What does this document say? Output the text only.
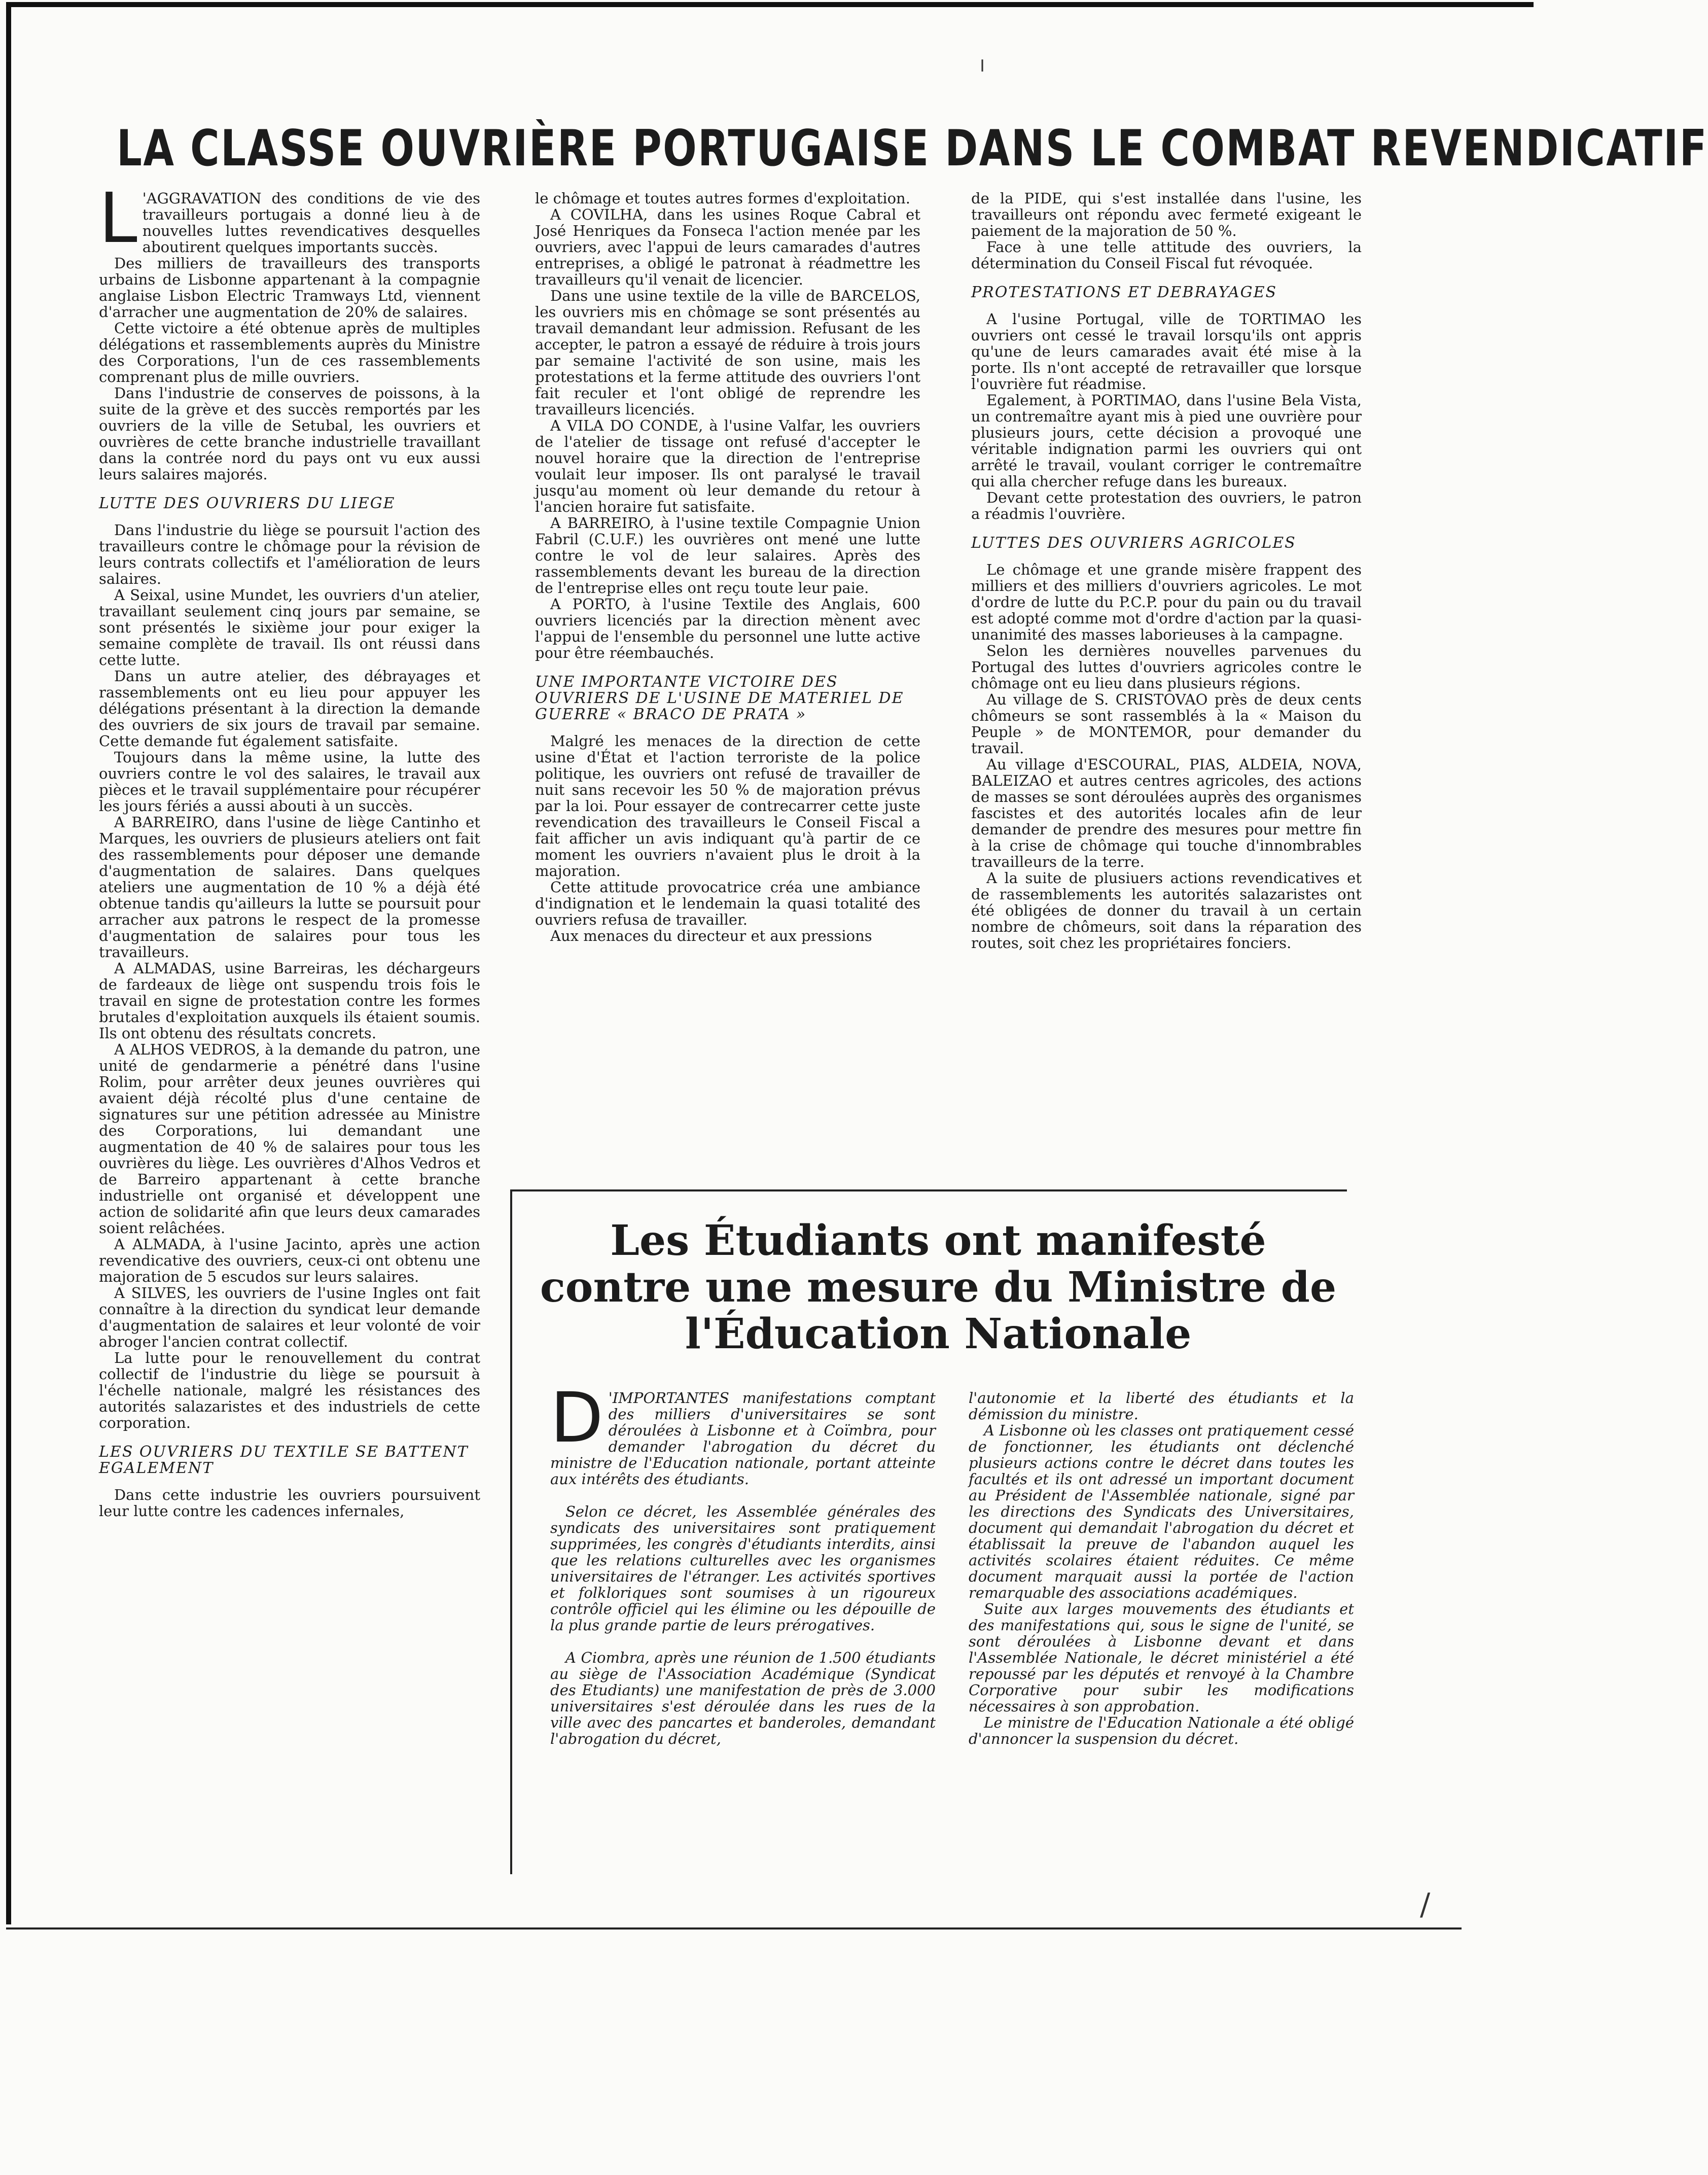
╷
/
LA CLASSE OUVRIÈRE PORTUGAISE DANS LE COMBAT REVENDICATIF

L 'AGGRAVATION des conditions de vie des travailleurs portugais a donné lieu à de nouvelles luttes revendicatives desquelles aboutirent quelques importants succès.

Des milliers de travailleurs des transports urbains de Lisbonne appartenant à la compagnie anglaise Lisbon Electric Tramways Ltd, viennent d'arracher une augmentation de 20% de salaires.

Cette victoire a été obtenue après de multiples délégations et rassemblements auprès du Ministre des Corporations, l'un de ces rassemblements comprenant plus de mille ouvriers.

Dans l'industrie de conserves de poissons, à la suite de la grève et des succès remportés par les ouvriers de la ville de Setubal, les ouvriers et ouvrières de cette branche industrielle travaillant dans la contrée nord du pays ont vu eux aussi leurs salaires majorés.

LUTTE DES OUVRIERS DU LIEGE

Dans l'industrie du liège se poursuit l'action des travailleurs contre le chômage pour la révision de leurs contrats collectifs et l'amélioration de leurs salaires.

A Seixal, usine Mundet, les ouvriers d'un atelier, travaillant seulement cinq jours par semaine, se sont présentés le sixième jour pour exiger la semaine complète de travail. Ils ont réussi dans cette lutte.

Dans un autre atelier, des débrayages et rassemblements ont eu lieu pour appuyer les délégations présentant à la direction la demande des ouvriers de six jours de travail par semaine. Cette demande fut également satisfaite.

Toujours dans la même usine, la lutte des ouvriers contre le vol des salaires, le travail aux pièces et le travail supplémentaire pour récupérer les jours fériés a aussi abouti à un succès.

A BARREIRO, dans l'usine de liège Cantinho et Marques, les ouvriers de plusieurs ateliers ont fait des rassemblements pour déposer une demande d'augmentation de salaires. Dans quelques ateliers une augmentation de 10 % a déjà été obtenue tandis qu'ailleurs la lutte se poursuit pour arracher aux patrons le respect de la promesse d'augmentation de salaires pour tous les travailleurs.

A ALMADAS, usine Barreiras, les déchargeurs de fardeaux de liège ont suspendu trois fois le travail en signe de protestation contre les formes brutales d'exploitation auxquels ils étaient soumis. Ils ont obtenu des résultats concrets.

A ALHOS VEDROS, à la demande du patron, une unité de gendarmerie a pénétré dans l'usine Rolim, pour arrêter deux jeunes ouvrières qui avaient déjà récolté plus d'une centaine de signatures sur une pétition adressée au Ministre des Corporations, lui demandant une augmentation de 40 % de salaires pour tous les ouvrières du liège. Les ouvrières d'Alhos Vedros et de Barreiro appartenant à cette branche industrielle ont organisé et développent une action de solidarité afin que leurs deux camarades soient relâchées.

A ALMADA, à l'usine Jacinto, après une action revendicative des ouvriers, ceux-ci ont obtenu une majoration de 5 escudos sur leurs salaires.

A SILVES, les ouvriers de l'usine Ingles ont fait connaître à la direction du syndicat leur demande d'augmentation de salaires et leur volonté de voir abroger l'ancien contrat collectif.

La lutte pour le renouvellement du contrat collectif de l'industrie du liège se poursuit à l'échelle nationale, malgré les résistances des autorités salazaristes et des industriels de cette corporation.

LES OUVRIERS DU TEXTILE SE BATTENT EGALEMENT

Dans cette industrie les ouvriers poursuivent leur lutte contre les cadences infernales,

le chômage et toutes autres formes d'exploitation.

A COVILHA, dans les usines Roque Cabral et José Henriques da Fonseca l'action menée par les ouvriers, avec l'appui de leurs camarades d'autres entreprises, a obligé le patronat à réadmettre les travailleurs qu'il venait de licencier.

Dans une usine textile de la ville de BARCELOS, les ouvriers mis en chômage se sont présentés au travail demandant leur admission. Refusant de les accepter, le patron a essayé de réduire à trois jours par semaine l'activité de son usine, mais les protestations et la ferme attitude des ouvriers l'ont fait reculer et l'ont obligé de reprendre les travailleurs licenciés.

A VILA DO CONDE, à l'usine Valfar, les ouvriers de l'atelier de tissage ont refusé d'accepter le nouvel horaire que la direction de l'entreprise voulait leur imposer. Ils ont paralysé le travail jusqu'au moment où leur demande du retour à l'ancien horaire fut satisfaite.

A BARREIRO, à l'usine textile Compagnie Union Fabril (C.U.F.) les ouvrières ont mené une lutte contre le vol de leur salaires. Après des rassemblements devant les bureau de la direction de l'entreprise elles ont reçu toute leur paie.

A PORTO, à l'usine Textile des Anglais, 600 ouvriers licenciés par la direction mènent avec l'appui de l'ensemble du personnel une lutte active pour être réembauchés.

UNE IMPORTANTE VICTOIRE DES OUVRIERS DE L'USINE DE MATERIEL DE GUERRE « BRACO DE PRATA »

Malgré les menaces de la direction de cette usine d'État et l'action terroriste de la police politique, les ouvriers ont refusé de travailler de nuit sans recevoir les 50 % de majoration prévus par la loi. Pour essayer de contrecarrer cette juste revendication des travailleurs le Conseil Fiscal a fait afficher un avis indiquant qu'à partir de ce moment les ouvriers n'avaient plus le droit à la majoration.

Cette attitude provocatrice créa une ambiance d'indignation et le lendemain la quasi totalité des ouvriers refusa de travailler.

Aux menaces du directeur et aux pressions

de la PIDE, qui s'est installée dans l'usine, les travailleurs ont répondu avec fermeté exigeant le paiement de la majoration de 50 %.

Face à une telle attitude des ouvriers, la détermination du Conseil Fiscal fut révoquée.

PROTESTATIONS ET DEBRAYAGES

A l'usine Portugal, ville de TORTIMAO les ouvriers ont cessé le travail lorsqu'ils ont appris qu'une de leurs camarades avait été mise à la porte. Ils n'ont accepté de retravailler que lorsque l'ouvrière fut réadmise.

Egalement, à PORTIMAO, dans l'usine Bela Vista, un contremaître ayant mis à pied une ouvrière pour plusieurs jours, cette décision a provoqué une véritable indignation parmi les ouvriers qui ont arrêté le travail, voulant corriger le contremaître qui alla chercher refuge dans les bureaux.

Devant cette protestation des ouvriers, le patron a réadmis l'ouvrière.

LUTTES DES OUVRIERS AGRICOLES

Le chômage et une grande misère frappent des milliers et des milliers d'ouvriers agricoles. Le mot d'ordre de lutte du P.C.P. pour du pain ou du travail est adopté comme mot d'ordre d'action par la quasi-unanimité des masses laborieuses à la campagne.

Selon les dernières nouvelles parvenues du Portugal des luttes d'ouvriers agricoles contre le chômage ont eu lieu dans plusieurs régions.

Au village de S. CRISTOVAO près de deux cents chômeurs se sont rassemblés à la « Maison du Peuple » de MONTEMOR, pour demander du travail.

Au village d'ESCOURAL, PIAS, ALDEIA, NOVA, BALEIZAO et autres centres agricoles, des actions de masses se sont déroulées auprès des organismes fascistes et des autorités locales afin de leur demander de prendre des mesures pour mettre fin à la crise de chômage qui touche d'innombrables travailleurs de la terre.

A la suite de plusiuers actions revendicatives et de rassemblements les autorités salazaristes ont été obligées de donner du travail à un certain nombre de chômeurs, soit dans la réparation des routes, soit chez les propriétaires fonciers.

Les Étudiants ont manifesté contre une mesure du Ministre de l'Éducation Nationale

D 'IMPORTANTES manifestations comptant des milliers d'universitaires se sont déroulées à Lisbonne et à Coïmbra, pour demander l'abrogation du décret du ministre de l'Education nationale, portant atteinte aux intérêts des étudiants.

Selon ce décret, les Assemblée générales des syndicats des universitaires sont pratiquement supprimées, les congrès d'étudiants interdits, ainsi que les relations culturelles avec les organismes universitaires de l'étranger. Les activités sportives et folkloriques sont soumises à un rigoureux contrôle officiel qui les élimine ou les dépouille de la plus grande partie de leurs prérogatives.

A Ciombra, après une réunion de 1.500 étudiants au siège de l'Association Académique (Syndicat des Etudiants) une manifestation de près de 3.000 universitaires s'est déroulée dans les rues de la ville avec des pancartes et banderoles, demandant l'abrogation du décret,

l'autonomie et la liberté des étudiants et la démission du ministre.

A Lisbonne où les classes ont pratiquement cessé de fonctionner, les étudiants ont déclenché plusieurs actions contre le décret dans toutes les facultés et ils ont adressé un important document au Président de l'Assemblée nationale, signé par les directions des Syndicats des Universitaires, document qui demandait l'abrogation du décret et établissait la preuve de l'abandon auquel les activités scolaires étaient réduites. Ce même document marquait aussi la portée de l'action remarquable des associations académiques.

Suite aux larges mouvements des étudiants et des manifestations qui, sous le signe de l'unité, se sont déroulées à Lisbonne devant et dans l'Assemblée Nationale, le décret ministériel a été repoussé par les députés et renvoyé à la Chambre Corporative pour subir les modifications nécessaires à son approbation.

Le ministre de l'Education Nationale a été obligé d'annoncer la suspension du décret.
